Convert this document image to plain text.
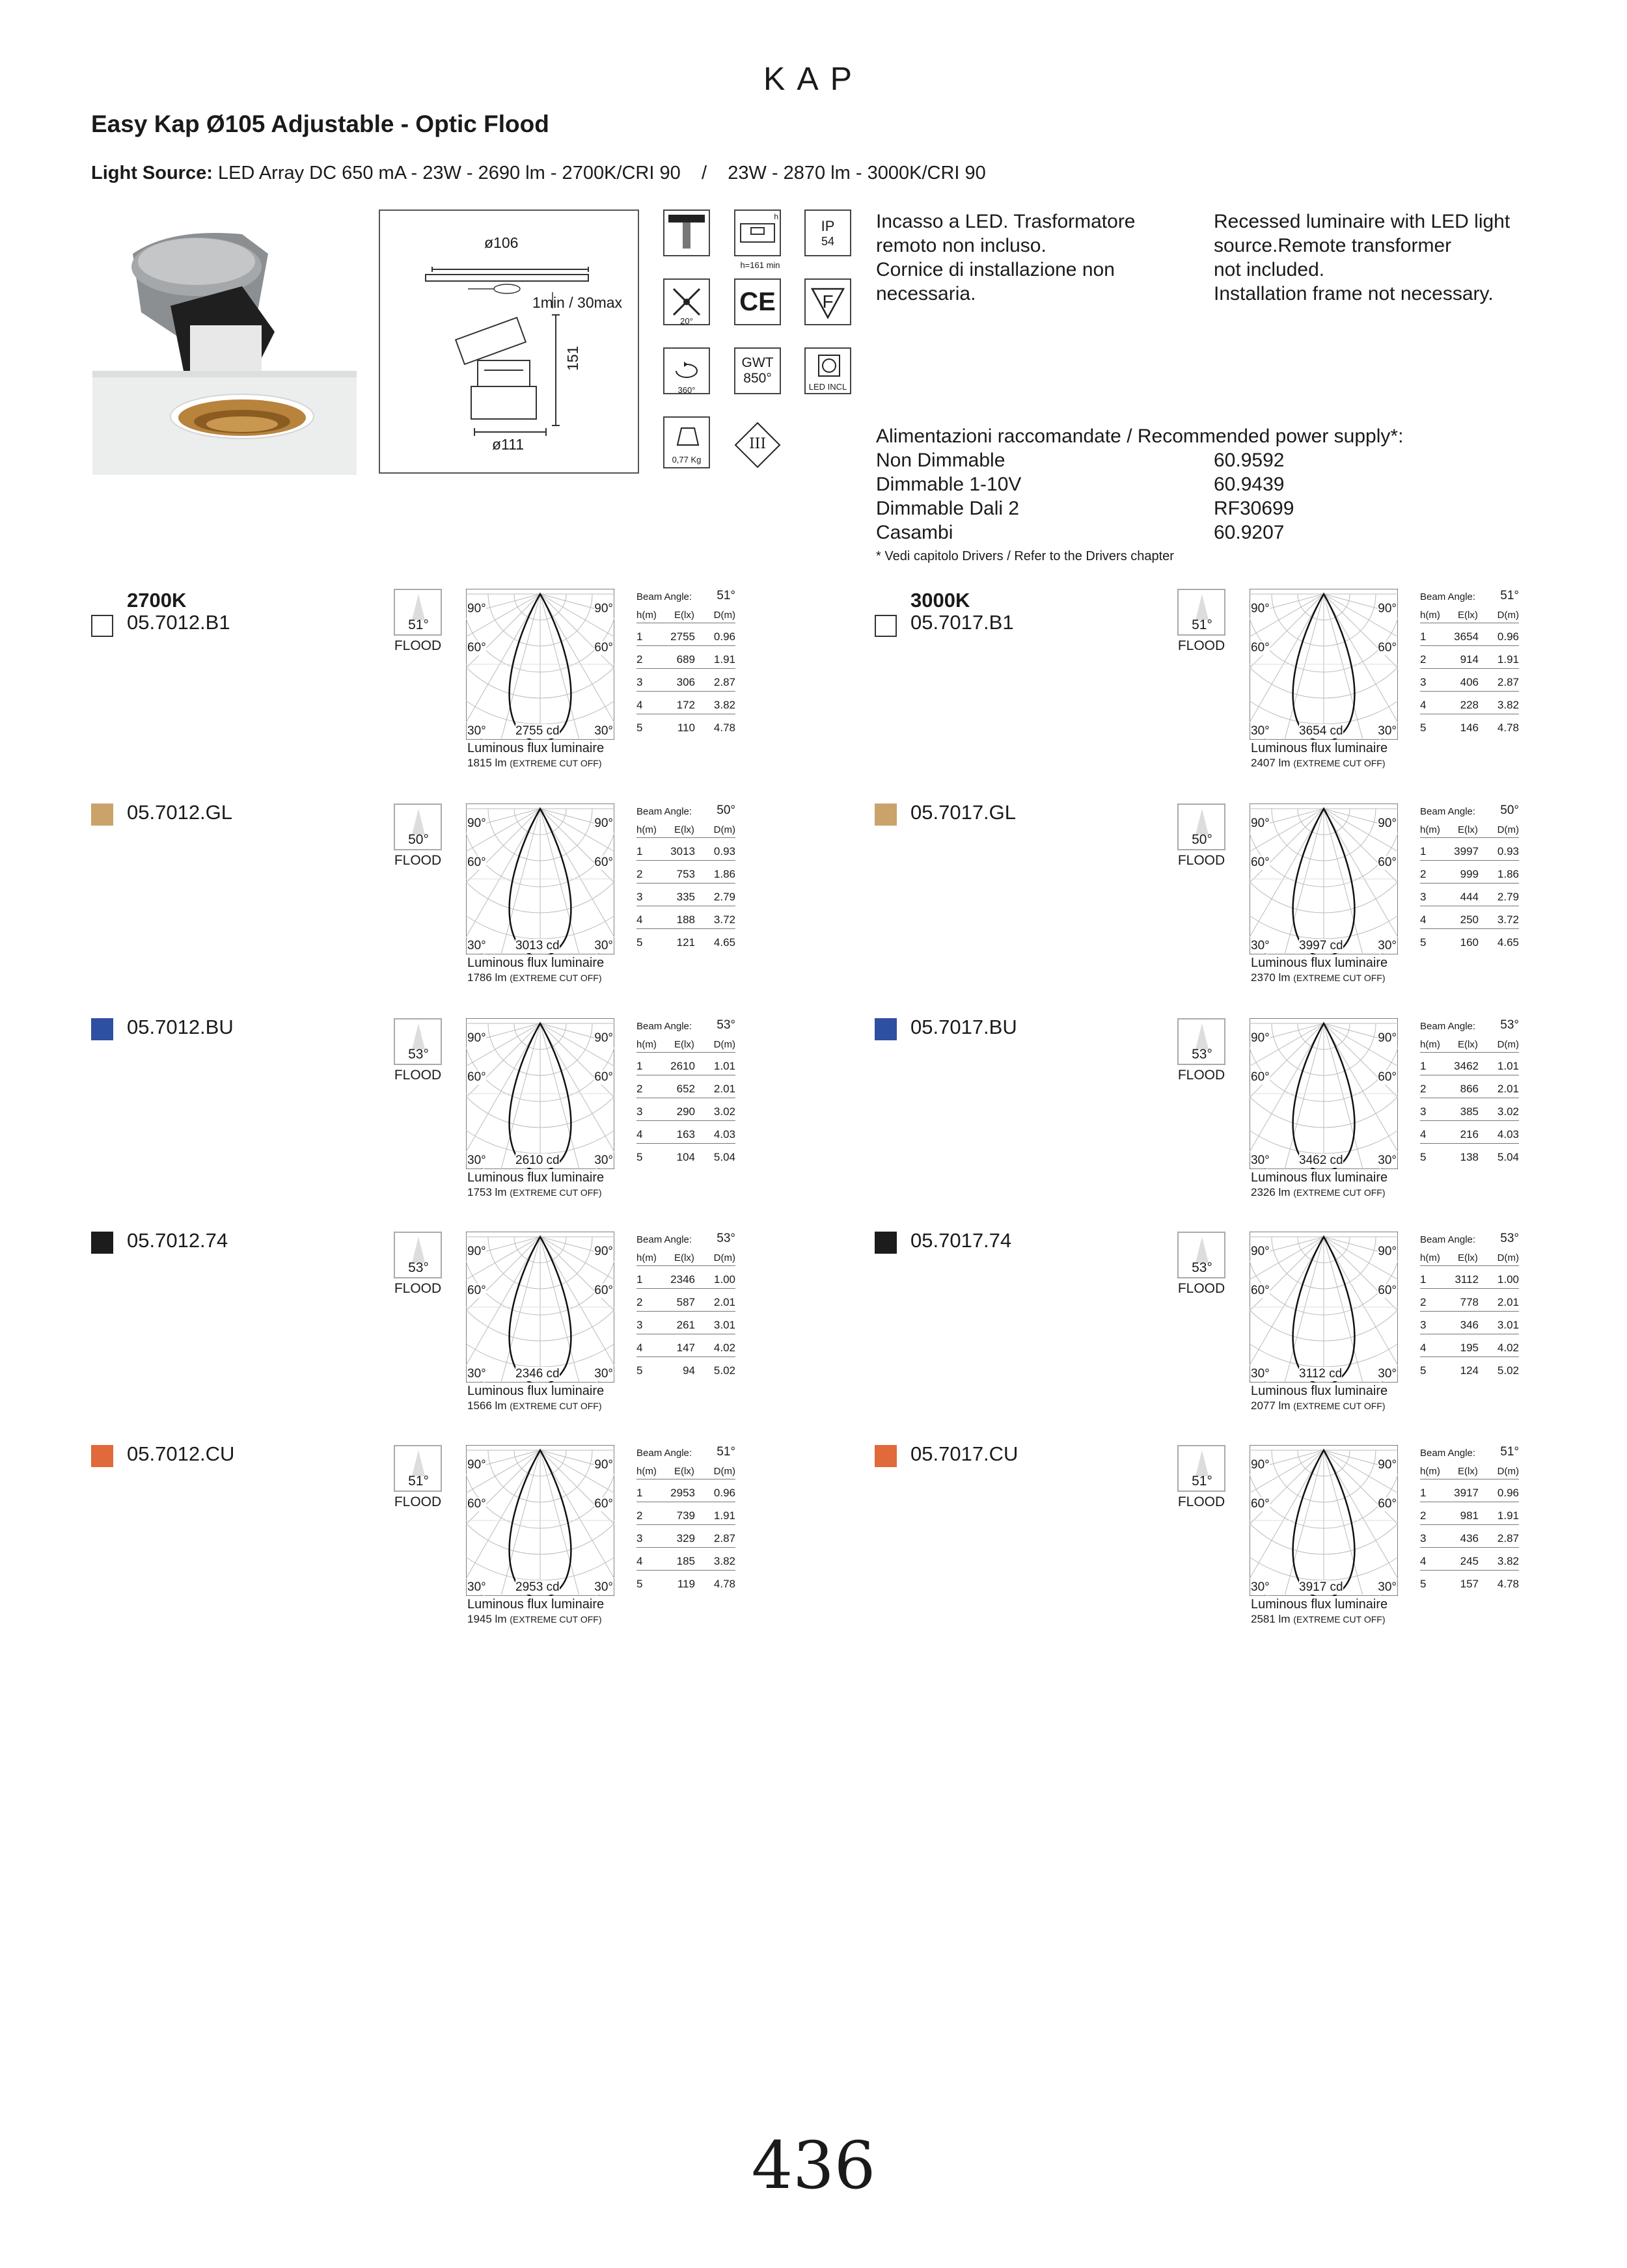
KAP
Easy Kap Ø105 Adjustable - Optic Flood
Light Source: LED Array DC 650 mA - 23W - 2690 lm - 2700K/CRI 90    /    23W - 2870 lm - 3000K/CRI 90
ø106
1min / 30max
151
ø111
h
h=161 min
IP
54
20°
CE	F
360°
GWT
850°
LED INCL
0,77 Kg
III
Incasso a LED. Trasformatore
remoto non incluso.
Cornice di installazione non
necessaria.
Recessed luminaire with LED light
source.Remote transformer
not included.
Installation frame not necessary.
Alimentazioni raccomandate / Recommended power supply*:
Non Dimmable	60.9592
Dimmable 1-10V	60.9439
Dimmable Dali 2	RF30699
Casambi	60.9207
* Vedi capitolo Drivers / Refer to the Drivers chapter
2700K
05.7012.B1	51°
FLOOD
90°	90°
60°	60°
30°	30°
2755 cd
Luminous flux luminaire
1815 lm (EXTREME CUT OFF)
Beam Angle: 51°
h(m) E(lx) D(m)
1	2755 0.96
2	689 1.91
3	306 2.87
4	172 3.82
5	110 4.78
05.7012.GL
50°
FLOOD
90°	90°
60°	60°
30°	30°
3013 cd
Luminous flux luminaire
1786 lm (EXTREME CUT OFF)
Beam Angle: 50°
h(m) E(lx) D(m)
1	3013 0.93
2	753 1.86
3	335 2.79
4	188 3.72
5	121 4.65
05.7012.BU
53°
FLOOD
90°	90°
60°	60°
30°	30°
2610 cd
Luminous flux luminaire
1753 lm (EXTREME CUT OFF)
Beam Angle: 53°
h(m) E(lx) D(m)
1	2610 1.01
2	652 2.01
3	290 3.02
4	163 4.03
5	104 5.04
05.7012.74
53°
FLOOD
90°	90°
60°	60°
30°	30°
2346 cd
Luminous flux luminaire
1566 lm (EXTREME CUT OFF)
Beam Angle: 53°
h(m) E(lx) D(m)
1	2346 1.00
2	587 2.01
3	261 3.01
4	147 4.02
5	94 5.02
05.7012.CU
51°
FLOOD
90°	90°
60°	60°
30°	30°
2953 cd
Luminous flux luminaire
1945 lm (EXTREME CUT OFF)
Beam Angle: 51°
h(m) E(lx) D(m)
1	2953 0.96
2	739 1.91
3	329 2.87
4	185 3.82
5	119 4.78
3000K
05.7017.B1	51°
FLOOD
90°	90°
60°	60°
30°	30°
3654 cd
Luminous flux luminaire
2407 lm (EXTREME CUT OFF)
Beam Angle: 51°
h(m) E(lx) D(m)
1	3654 0.96
2	914 1.91
3	406 2.87
4	228 3.82
5	146 4.78
05.7017.GL
50°
FLOOD
90°	90°
60°	60°
30°	30°
3997 cd
Luminous flux luminaire
2370 lm (EXTREME CUT OFF)
Beam Angle: 50°
h(m) E(lx) D(m)
1	3997 0.93
2	999 1.86
3	444 2.79
4	250 3.72
5	160 4.65
05.7017.BU
53°
FLOOD
90°	90°
60°	60°
30°	30°
3462 cd
Luminous flux luminaire
2326 lm (EXTREME CUT OFF)
Beam Angle: 53°
h(m) E(lx) D(m)
1	3462 1.01
2	866 2.01
3	385 3.02
4	216 4.03
5	138 5.04
05.7017.74
53°
FLOOD
90°	90°
60°	60°
30°	30°
3112 cd
Luminous flux luminaire
2077 lm (EXTREME CUT OFF)
Beam Angle: 53°
h(m) E(lx) D(m)
1	3112 1.00
2	778 2.01
3	346 3.01
4	195 4.02
5	124 5.02
05.7017.CU
51°
FLOOD
90°	90°
60°	60°
30°	30°
3917 cd
Luminous flux luminaire
2581 lm (EXTREME CUT OFF)
Beam Angle: 51°
h(m) E(lx) D(m)
1	3917 0.96
2	981 1.91
3	436 2.87
4	245 3.82
5	157 4.78
436
